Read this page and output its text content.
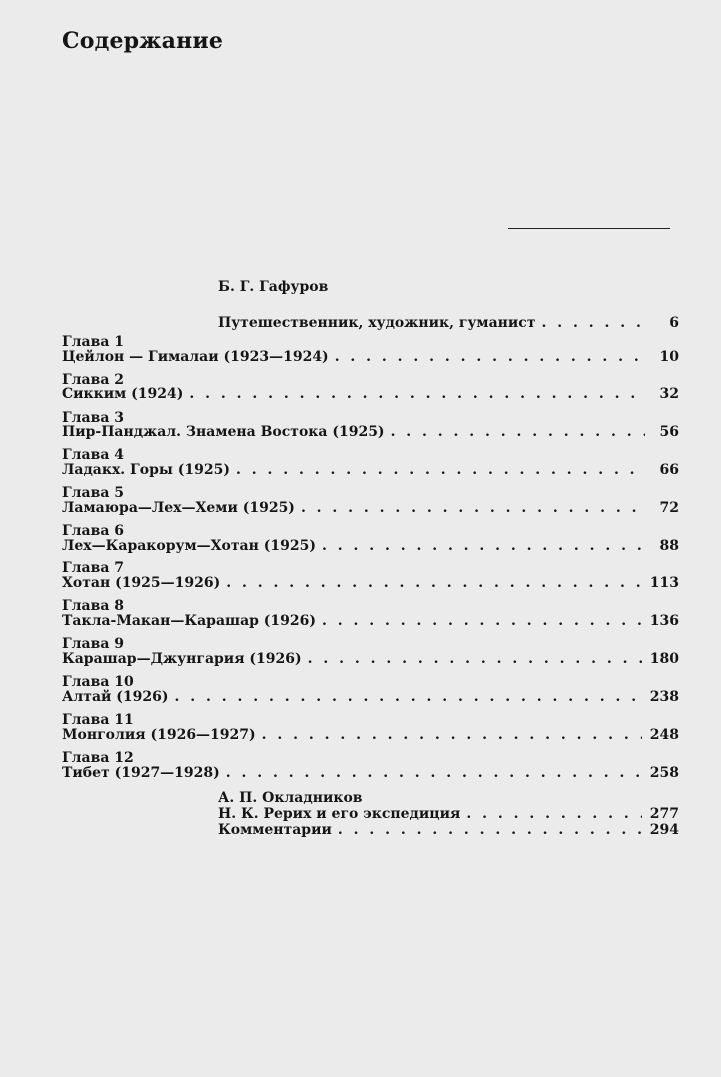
Содержание
Б. Г. Гафуров
Путешественник, художник, гуманист . . .	6
Глава 1
Цейлон — Гималаи (1923—1924) . . .	10
Глава 2
Сикким (1924) . . .	32
Глава 3
Пир-Панджал. Знамена Востока (1925) . . .	56
Глава 4
Ладакх. Горы (1925) . . .	66
Глава 5
Ламаюра—Лех—Хеми (1925) . . .	72
Глава 6
Лех—Каракорум—Хотан (1925) . . .	88
Глава 7
Хотан (1925—1926) . . .	113
Глава 8
Такла-Макан—Карашар (1926) . . .	136
Глава 9
Карашар—Джунгария (1926) . . .	180
Глава 10
Алтай (1926) . . .	238
Глава 11
Монголия (1926—1927) . . .	248
Глава 12
Тибет (1927—1928) . . .	258
А. П. Окладников
Н. К. Рерих и его экспедиция . . .	277
Комментарии . . .	294
